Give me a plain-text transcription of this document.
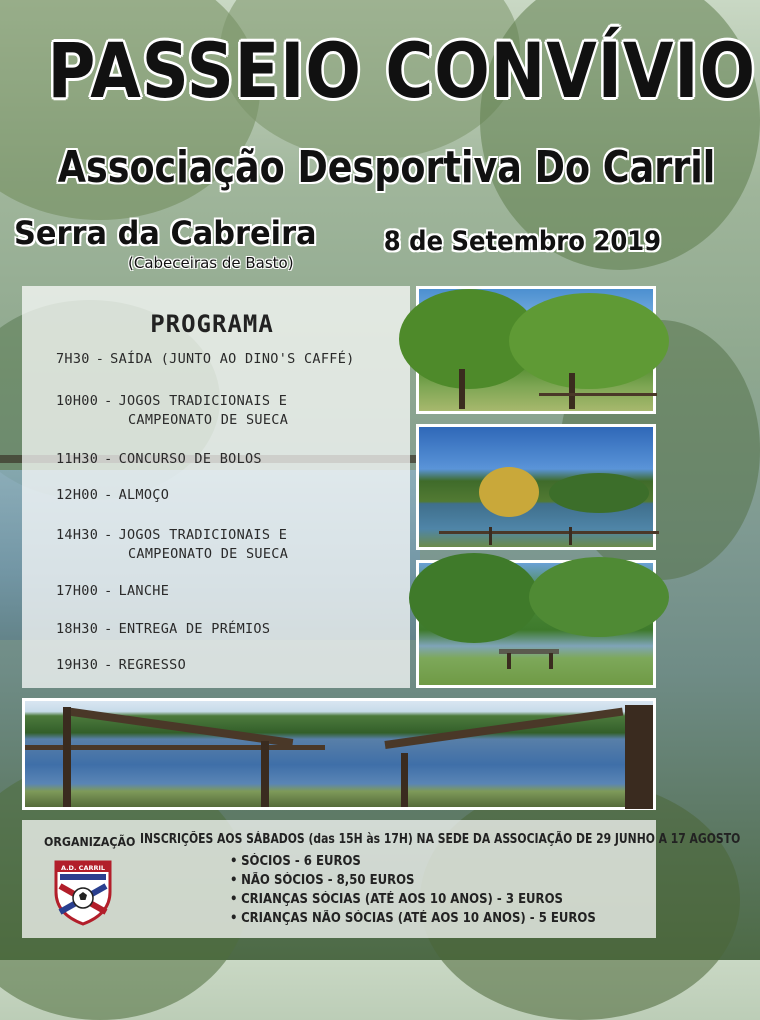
PASSEIO CONVÍVIO
Associação Desportiva Do Carril
Serra da Cabreira
(Cabeceiras de Basto)
8 de Setembro 2019
PROGRAMA
7H30 - SAÍDA (JUNTO AO DINO'S CAFFÉ)
10H00 - JOGOS TRADICIONAIS E
CAMPEONATO DE SUECA
11H30 - CONCURSO DE BOLOS
12H00 - ALMOÇO
14H30 - JOGOS TRADICIONAIS E
CAMPEONATO DE SUECA
17H00 - LANCHE
18H30 - ENTREGA DE PRÉMIOS
19H30 - REGRESSO
ORGANIZAÇÃO
A.D. CARRIL
INSCRIÇÕES AOS SÁBADOS (das 15H às 17H) NA SEDE DA ASSOCIAÇÃO DE 29 JUNHO A 17 AGOSTO
• SÓCIOS - 6 EUROS
• NÃO SÓCIOS - 8,50 EUROS
• CRIANÇAS SÓCIAS (ATÉ AOS 10 ANOS) - 3 EUROS
• CRIANÇAS NÃO SÓCIAS (ATÉ AOS 10 ANOS) - 5 EUROS
